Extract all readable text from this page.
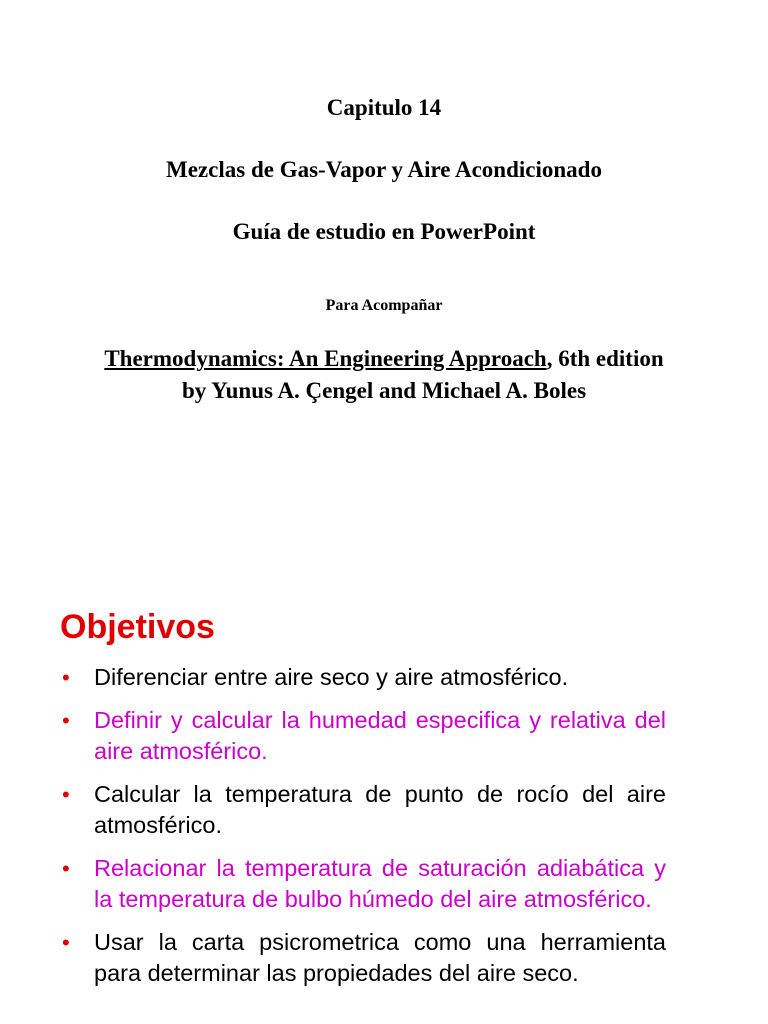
Capitulo 14
Mezclas de Gas-Vapor y Aire Acondicionado
Guía de estudio en PowerPoint
Para Acompañar
Thermodynamics: An Engineering Approach, 6th edition
by Yunus A. Çengel and Michael A. Boles
Objetivos
• Diferenciar entre aire seco y aire atmosférico.
• Definir y calcular la humedad especifica y relativa del aire atmosférico.
• Calcular la temperatura de punto de rocío del aire atmosférico.
• Relacionar la temperatura de saturación adiabática y la temperatura de bulbo húmedo del aire atmosférico.
• Usar la carta psicrometrica como una herramienta para determinar las propiedades del aire seco.
